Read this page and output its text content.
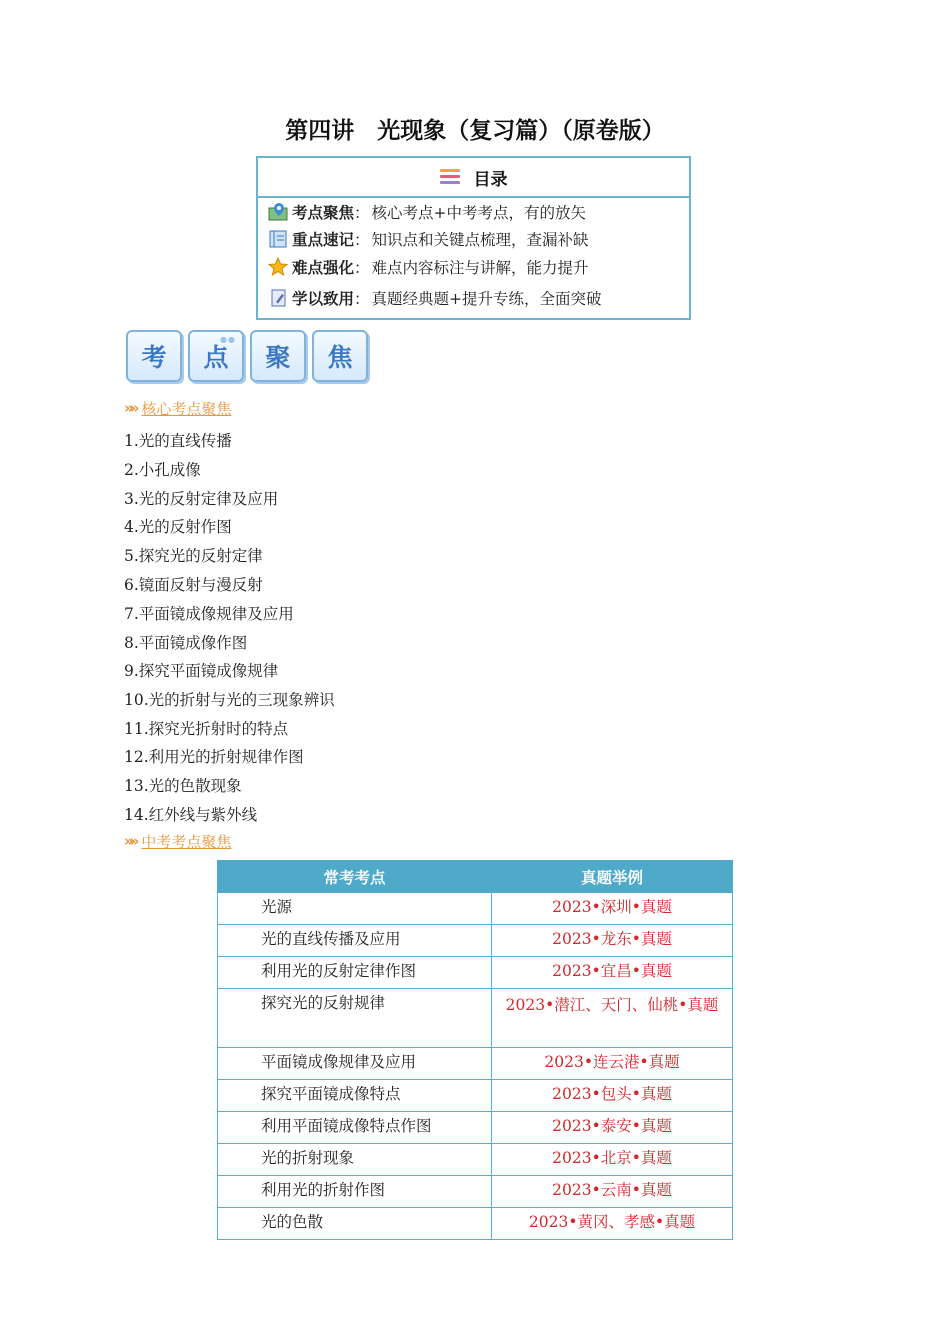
第四讲　光现象（复习篇）（原卷版）
目录
考点聚焦 ： 核心考点+中考考点，有的放矢
重点速记 ： 知识点和关键点梳理，查漏补缺
难点强化 ： 难点内容标注与讲解，能力提升
学以致用 ： 真题经典题+提升专练，全面突破
考
●●
点 聚 焦
»» 核心考点聚焦
1.光的直线传播
2.小孔成像
3.光的反射定律及应用
4.光的反射作图
5.探究光的反射定律
6.镜面反射与漫反射
7.平面镜成像规律及应用
8.平面镜成像作图
9.探究平面镜成像规律
10.光的折射与光的三现象辨识
11.探究光折射时的特点
12.利用光的折射规律作图
13.光的色散现象
14.红外线与紫外线
»» 中考考点聚焦
常考考点	真题举例
光源	2023•深圳•真题
光的直线传播及应用	2023•龙东•真题
利用光的反射定律作图	2023•宜昌•真题
探究光的反射规律	2023•潜江、天门、仙桃•真题
平面镜成像规律及应用	2023•连云港•真题
探究平面镜成像特点	2023•包头•真题
利用平面镜成像特点作图	2023•泰安•真题
光的折射现象	2023•北京•真题
利用光的折射作图	2023•云南•真题
光的色散	2023•黄冈、孝感•真题
